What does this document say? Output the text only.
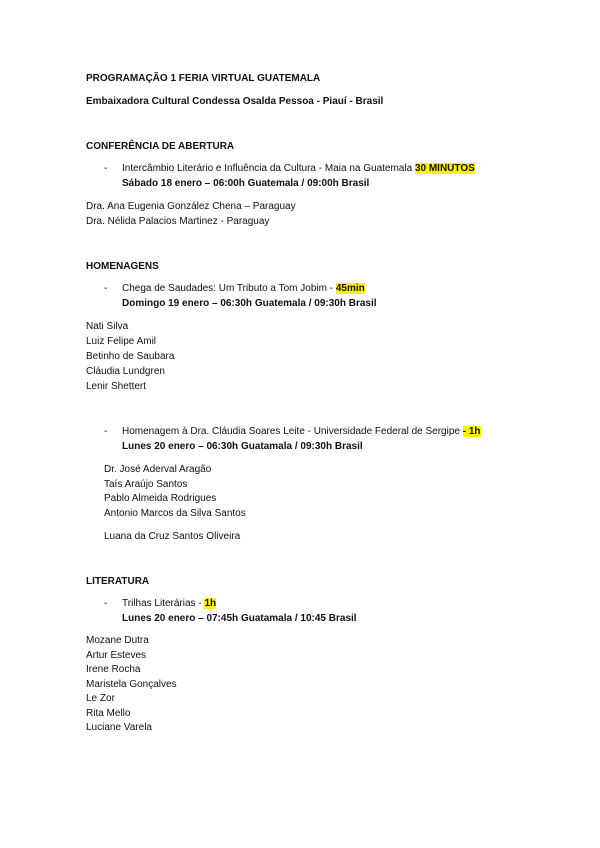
PROGRAMAÇÃO 1 FERIA VIRTUAL GUATEMALA
Embaixadora Cultural Condessa Osalda Pessoa - Piauí - Brasil
CONFERÊNCIA DE ABERTURA
- Intercâmbio Literário e Influência da Cultura - Maia na Guatemala 30 MINUTOS
Sábado 18 enero – 06:00h Guatemala / 09:00h Brasil
Dra. Ana Eugenia González Chena – Paraguay
Dra. Nélida Palacios Martinez - Paraguay
HOMENAGENS
- Chega de Saudades: Um Tributo a Tom Jobim - 45min
Domingo 19 enero – 06:30h Guatemala / 09:30h Brasil
Nati Silva
Luiz Felipe Amil
Betinho de Saubara
Cláudia Lundgren
Lenir Shettert
- Homenagem à Dra. Cláudia Soares Leite - Universidade Federal de Sergipe - 1h
Lunes 20 enero – 06:30h Guatamala / 09:30h Brasil
Dr. José Aderval Aragão
Taís Araújo Santos
Pablo Almeida Rodrigues
Antonio Marcos da Silva Santos
Luana da Cruz Santos Oliveira
LITERATURA
- Trilhas Literárias - 1h
Lunes 20 enero – 07:45h Guatamala / 10:45 Brasil
Mozane Dutra
Artur Esteves
Irene Rocha
Maristela Gonçalves
Le Zor
Rita Mello
Luciane Varela
